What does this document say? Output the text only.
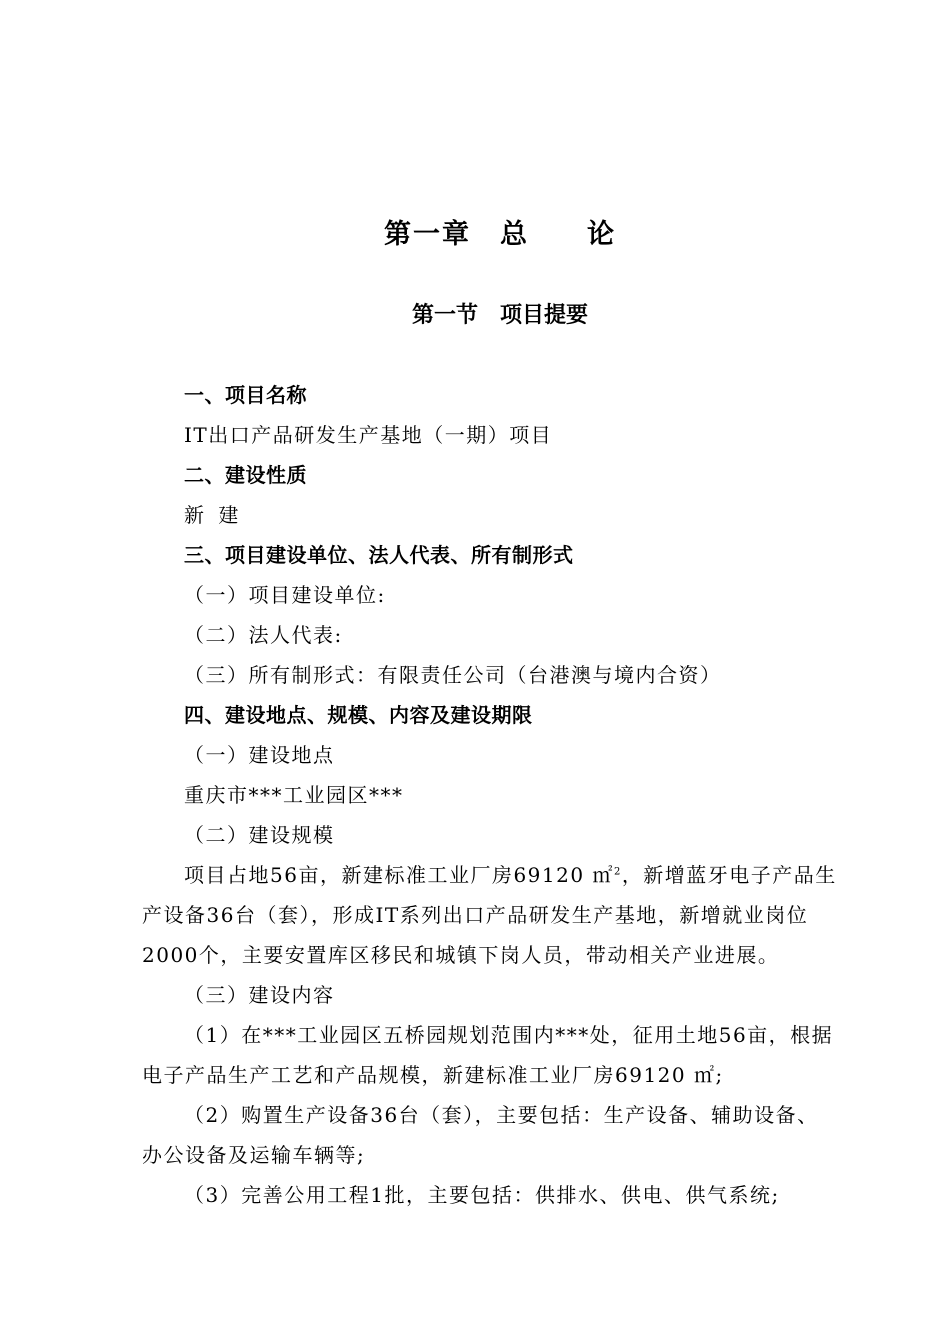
第一章　总　　论
第一节　项目提要
一、项目名称
IT出口产品研发生产基地（一期）项目
二、建设性质
新 建
三、项目建设单位、法人代表、所有制形式
（一）项目建设单位:
（二）法人代表:
（三）所有制形式：有限责任公司（台港澳与境内合资）
四、建设地点、规模、内容及建设期限
（一）建设地点
重庆市***工业园区***
（二）建设规模
项目占地56亩，新建标准工业厂房69120 ㎡$^2$，新增蓝牙电子产品生
产设备36台（套），形成IT系列出口产品研发生产基地，新增就业岗位
2000个，主要安置库区移民和城镇下岗人员，带动相关产业进展。
（三）建设内容
（1）在***工业园区五桥园规划范围内***处，征用土地56亩，根据
电子产品生产工艺和产品规模，新建标准工业厂房69120 ㎡;
（2）购置生产设备36台（套），主要包括：生产设备、辅助设备、
办公设备及运输车辆等;
（3）完善公用工程1批，主要包括：供排水、供电、供气系统;
